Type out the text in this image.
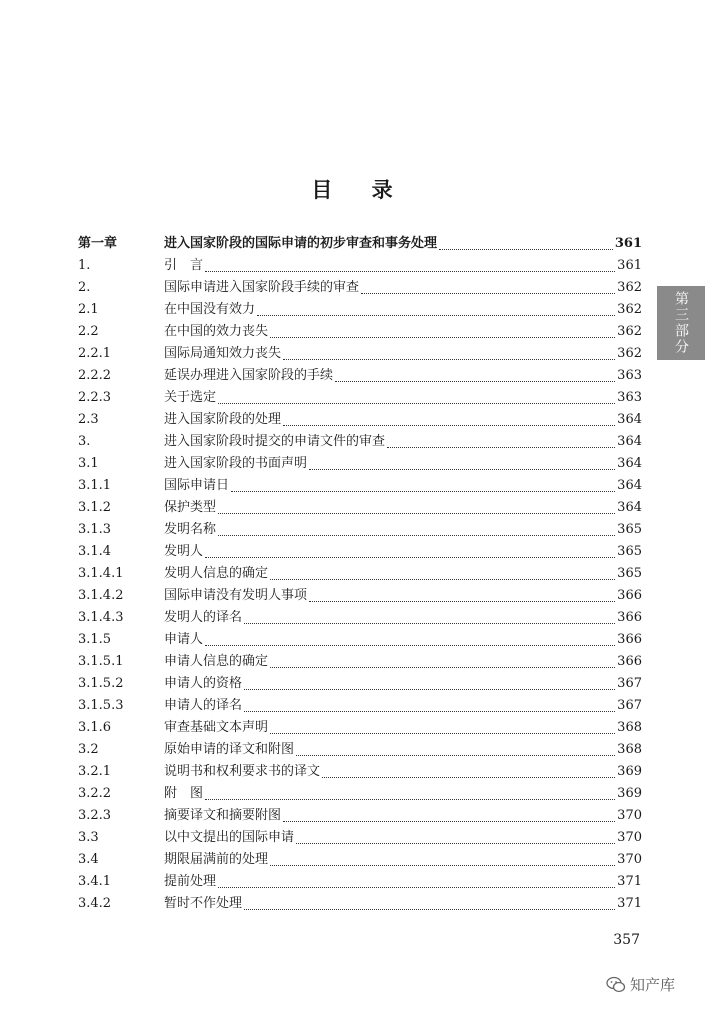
目 录
第一章	进入国家阶段的国际申请的初步审查和事务处理	361
1.	引　言	361
2.	国际申请进入国家阶段手续的审查	362
2.1	在中国没有效力	362
2.2	在中国的效力丧失	362
2.2.1	国际局通知效力丧失	362
2.2.2	延误办理进入国家阶段的手续	363
2.2.3	关于选定	363
2.3	进入国家阶段的处理	364
3.	进入国家阶段时提交的申请文件的审查	364
3.1	进入国家阶段的书面声明	364
3.1.1	国际申请日	364
3.1.2	保护类型	364
3.1.3	发明名称	365
3.1.4	发明人	365
3.1.4.1	发明人信息的确定	365
3.1.4.2	国际申请没有发明人事项	366
3.1.4.3	发明人的译名	366
3.1.5	申请人	366
3.1.5.1	申请人信息的确定	366
3.1.5.2	申请人的资格	367
3.1.5.3	申请人的译名	367
3.1.6	审查基础文本声明	368
3.2	原始申请的译文和附图	368
3.2.1	说明书和权利要求书的译文	369
3.2.2	附　图	369
3.2.3	摘要译文和摘要附图	370
3.3	以中文提出的国际申请	370
3.4	期限届满前的处理	370
3.4.1	提前处理	371
3.4.2	暂时不作处理	371
第三部分
357
知产库
